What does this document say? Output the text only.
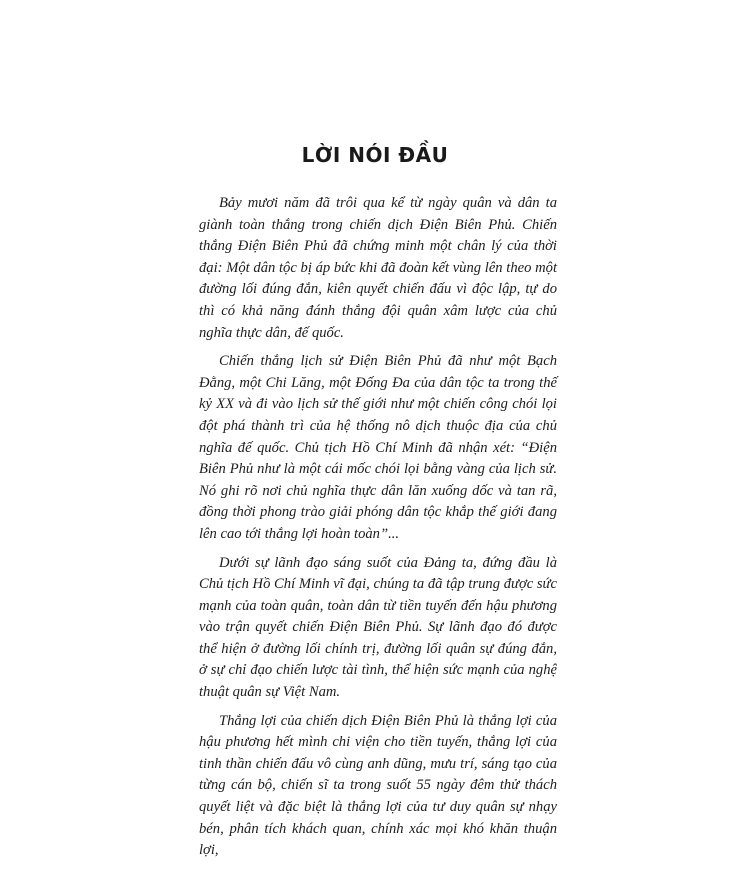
LỜI NÓI ĐẦU

Bảy mươi năm đã trôi qua kể từ ngày quân và dân ta giành toàn thắng trong chiến dịch Điện Biên Phủ. Chiến thắng Điện Biên Phủ đã chứng minh một chân lý của thời đại: Một dân tộc bị áp bức khi đã đoàn kết vùng lên theo một đường lối đúng đắn, kiên quyết chiến đấu vì độc lập, tự do thì có khả năng đánh thắng đội quân xâm lược của chủ nghĩa thực dân, đế quốc.

Chiến thắng lịch sử Điện Biên Phủ đã như một Bạch Đằng, một Chi Lăng, một Đống Đa của dân tộc ta trong thế kỷ XX và đi vào lịch sử thế giới như một chiến công chói lọi đột phá thành trì của hệ thống nô dịch thuộc địa của chủ nghĩa đế quốc. Chủ tịch Hồ Chí Minh đã nhận xét: “Điện Biên Phủ như là một cái mốc chói lọi bằng vàng của lịch sử. Nó ghi rõ nơi chủ nghĩa thực dân lăn xuống dốc và tan rã, đồng thời phong trào giải phóng dân tộc khắp thế giới đang lên cao tới thắng lợi hoàn toàn”...

Dưới sự lãnh đạo sáng suốt của Đảng ta, đứng đầu là Chủ tịch Hồ Chí Minh vĩ đại, chúng ta đã tập trung được sức mạnh của toàn quân, toàn dân từ tiền tuyến đến hậu phương vào trận quyết chiến Điện Biên Phủ. Sự lãnh đạo đó được thể hiện ở đường lối chính trị, đường lối quân sự đúng đắn, ở sự chỉ đạo chiến lược tài tình, thể hiện sức mạnh của nghệ thuật quân sự Việt Nam.

Thắng lợi của chiến dịch Điện Biên Phủ là thắng lợi của hậu phương hết mình chi viện cho tiền tuyến, thắng lợi của tinh thần chiến đấu vô cùng anh dũng, mưu trí, sáng tạo của từng cán bộ, chiến sĩ ta trong suốt 55 ngày đêm thử thách quyết liệt và đặc biệt là thắng lợi của tư duy quân sự nhạy bén, phân tích khách quan, chính xác mọi khó khăn thuận lợi,
